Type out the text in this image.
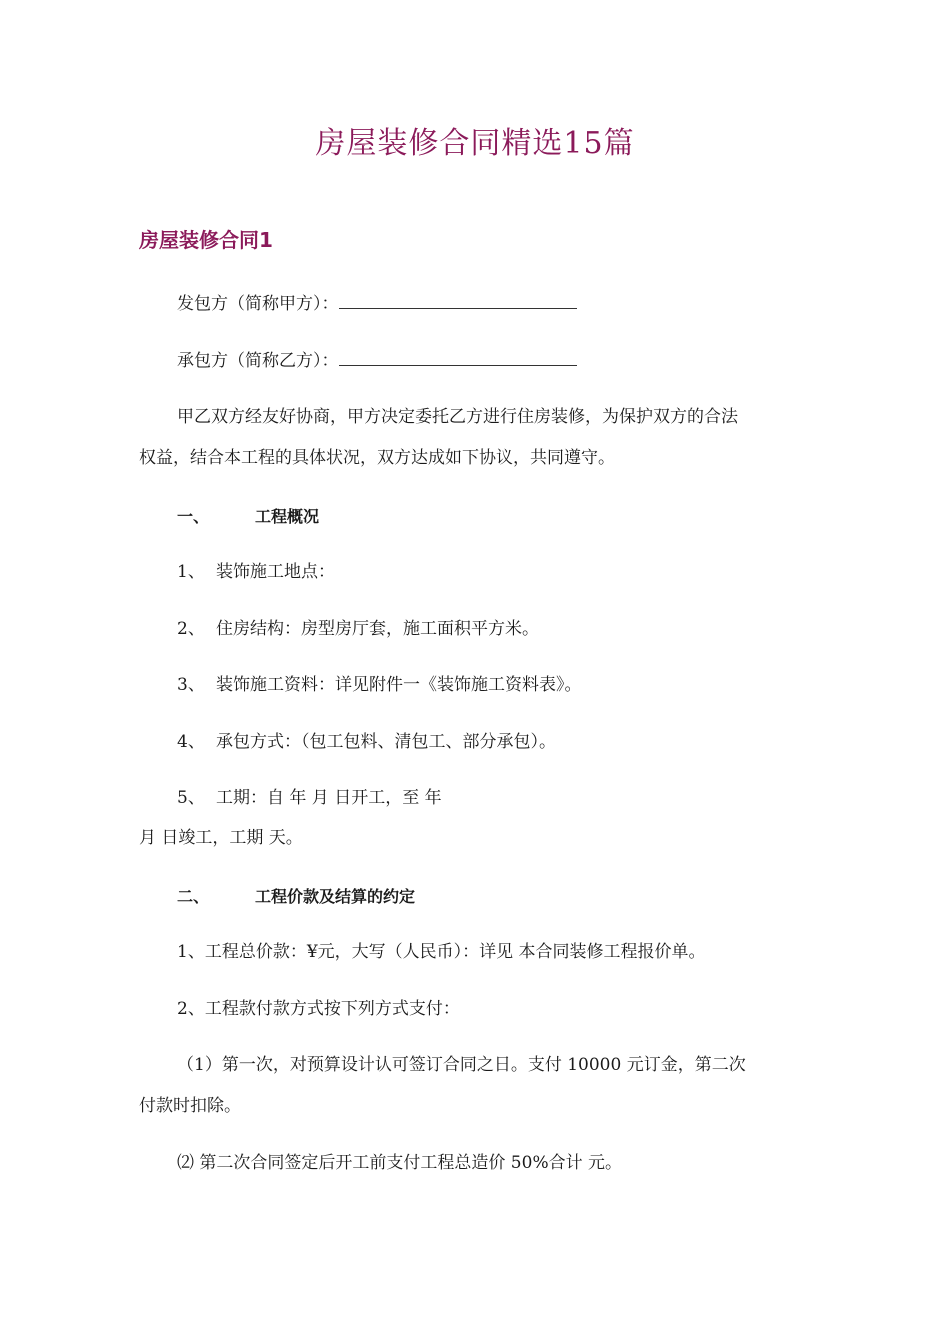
房屋装修合同精选15篇
房屋装修合同1
发包方（简称甲方）：
承包方（简称乙方）：
甲乙双方经友好协商，甲方决定委托乙方进行住房装修，为保护双方的合法
权益，结合本工程的具体状况，双方达成如下协议，共同遵守。
一、	工程概况
1、 装饰施工地点：
2、 住房结构：房型房厅套，施工面积平方米。
3、 装饰施工资料：详见附件一《装饰施工资料表》。
4、 承包方式：（包工包料、清包工、部分承包）。
5、 工期：自 年 月 日开工，至 年
月 日竣工，工期 天。
二、	工程价款及结算的约定
1、工程总价款：¥元，大写（人民币）：详见 本合同装修工程报价单。
2、工程款付款方式按下列方式支付：
（1）第一次，对预算设计认可签订合同之日。支付 10000 元订金，第二次
付款时扣除。
⑵ 第二次合同签定后开工前支付工程总造价 50%合计 元。
